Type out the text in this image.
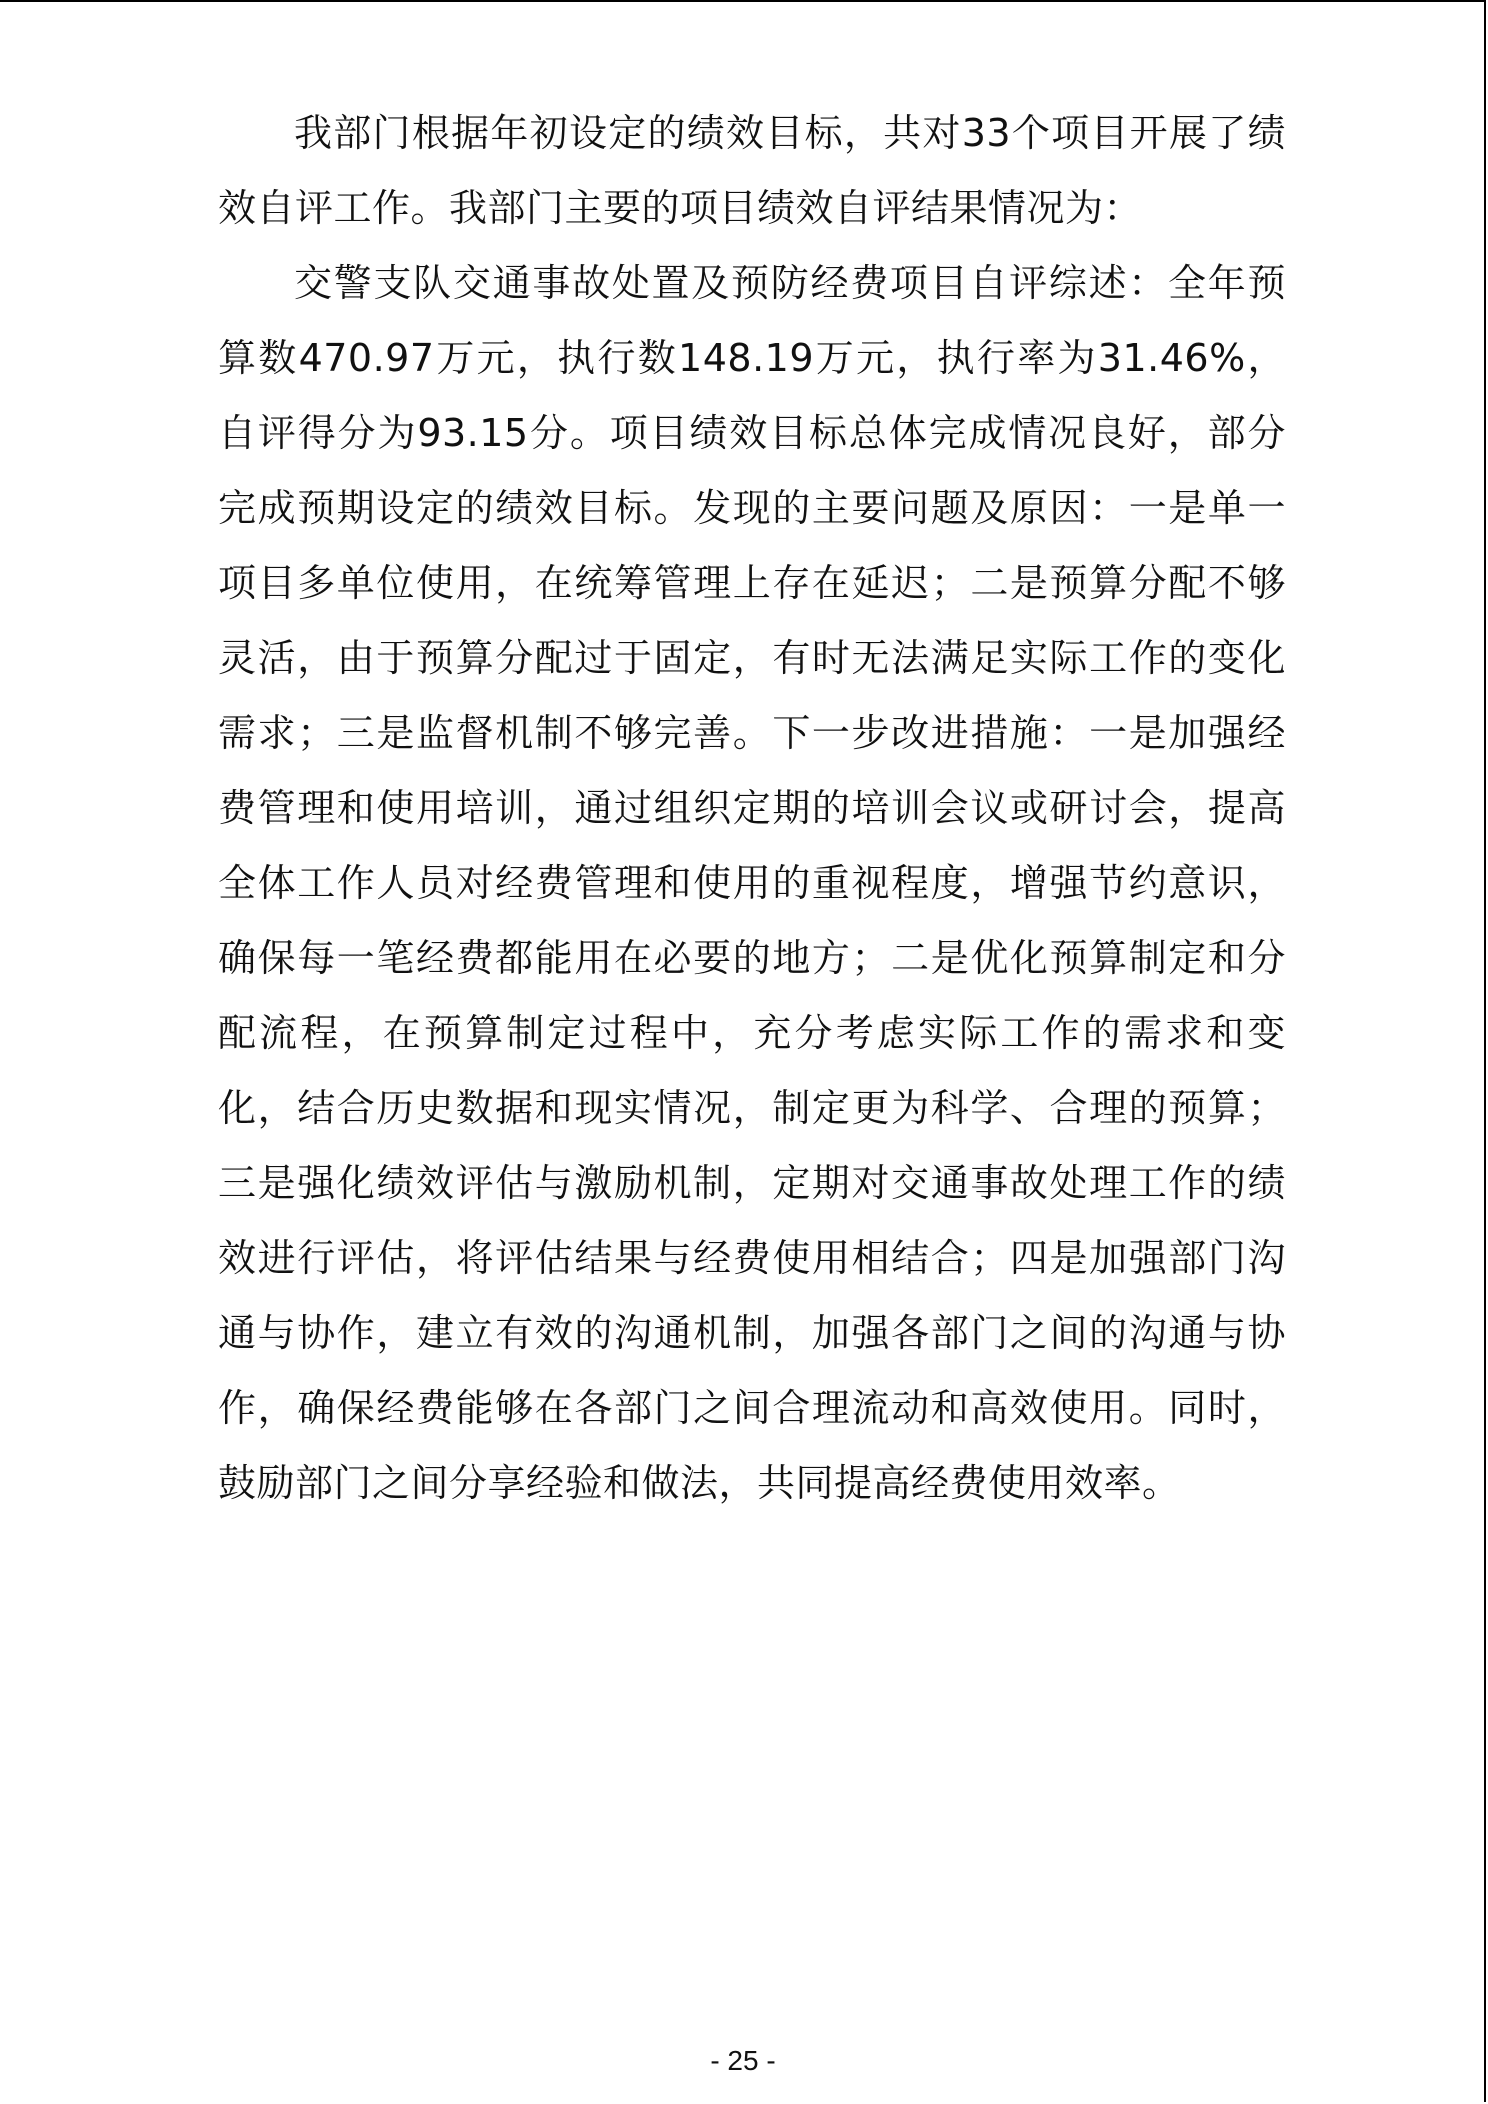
我部门根据年初设定的绩效目标，共对33个项目开展了绩效自评工作。我部门主要的项目绩效自评结果情况为：

交警支队交通事故处置及预防经费项目自评综述：全年预算数470.97万元，执行数148.19万元，执行率为31.46%，自评得分为93.15分。项目绩效目标总体完成情况良好，部分完成预期设定的绩效目标。发现的主要问题及原因：一是单一项目多单位使用，在统筹管理上存在延迟；二是预算分配不够灵活，由于预算分配过于固定，有时无法满足实际工作的变化需求；三是监督机制不够完善。下一步改进措施：一是加强经费管理和使用培训，通过组织定期的培训会议或研讨会，提高全体工作人员对经费管理和使用的重视程度，增强节约意识，确保每一笔经费都能用在必要的地方；二是优化预算制定和分配流程，在预算制定过程中，充分考虑实际工作的需求和变化，结合历史数据和现实情况，制定更为科学、合理的预算；三是强化绩效评估与激励机制，定期对交通事故处理工作的绩效进行评估，将评估结果与经费使用相结合；四是加强部门沟通与协作，建立有效的沟通机制，加强各部门之间的沟通与协作，确保经费能够在各部门之间合理流动和高效使用。同时，鼓励部门之间分享经验和做法，共同提高经费使用效率。

- 25 -
